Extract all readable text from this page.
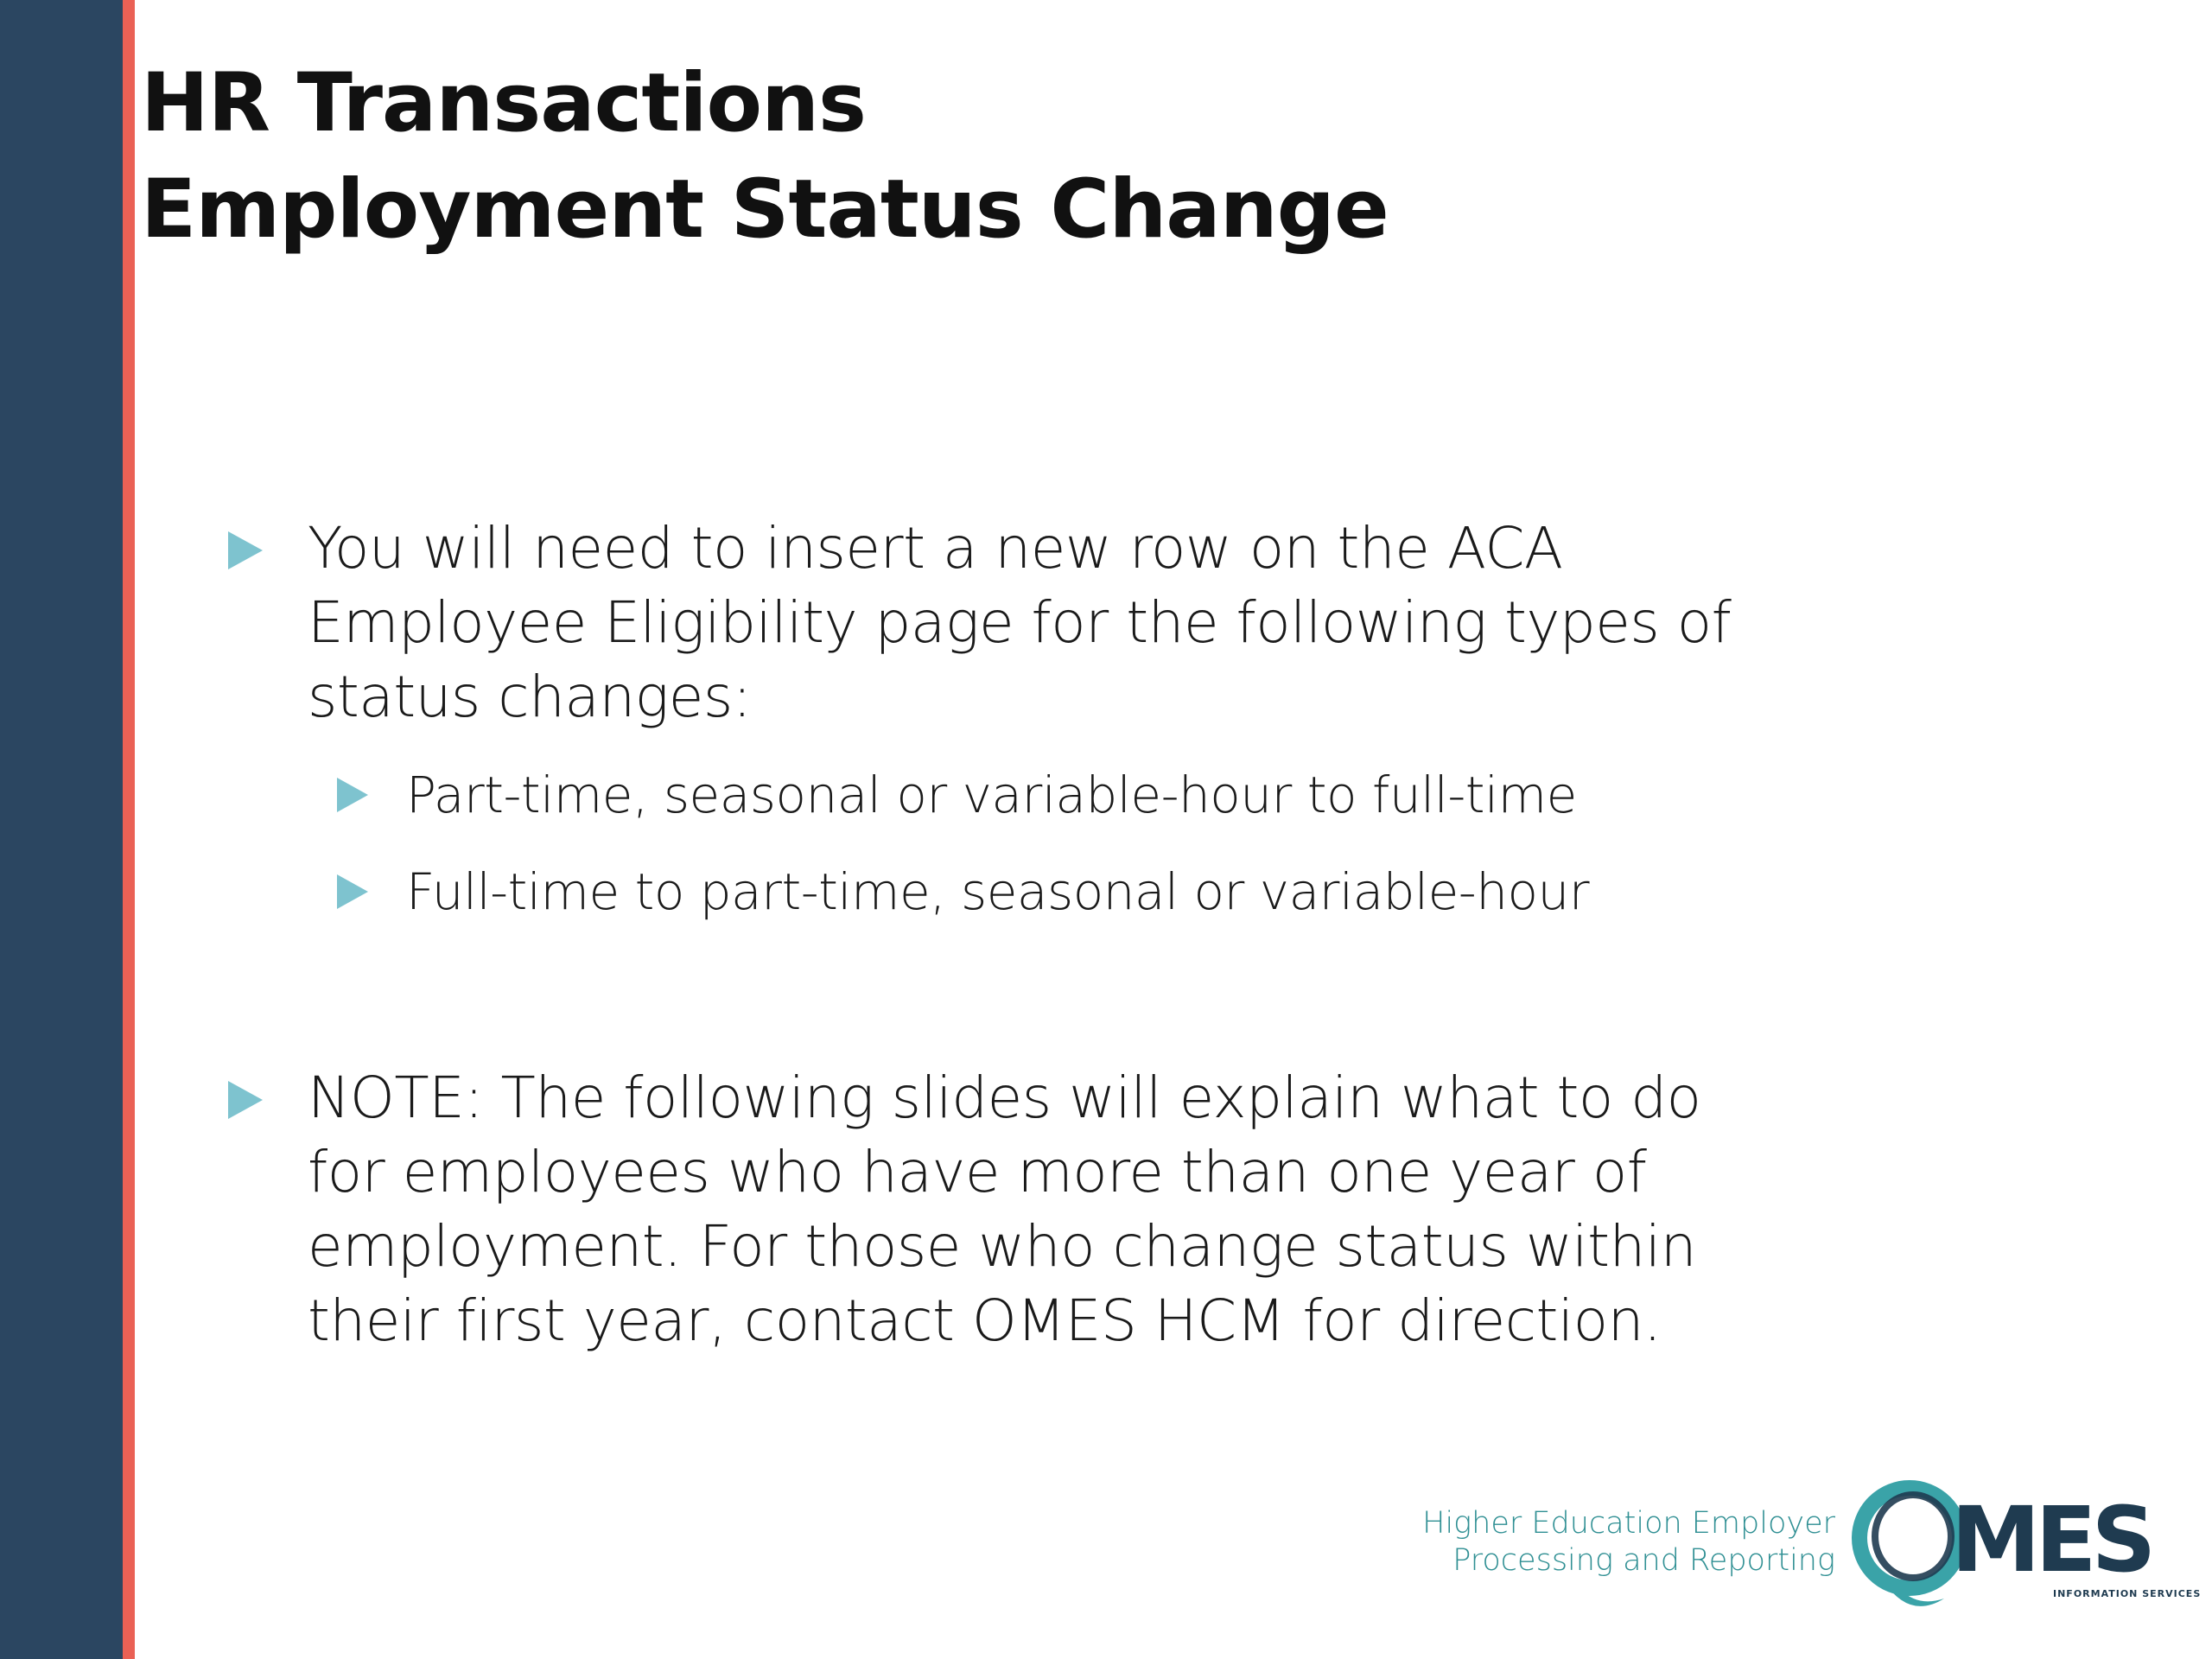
HR Transactions
Employment Status Change
You will need to insert a new row on the ACA
Employee Eligibility page for the following types of
status changes:
Part-time, seasonal or variable-hour to full-time
Full-time to part-time, seasonal or variable-hour
NOTE: The following slides will explain what to do
for employees who have more than one year of
employment. For those who change status within
their first year, contact OMES HCM for direction.
Higher Education Employer
Processing and Reporting MES
INFORMATION SERVICES
